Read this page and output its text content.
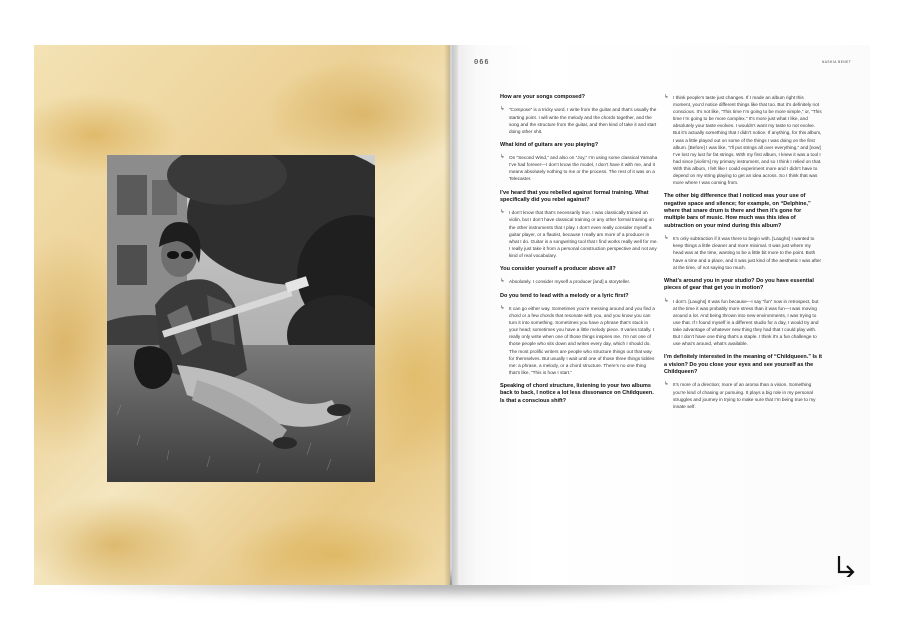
066	NASHIA BENET

How are your songs composed?

↳ “Compose” is a tricky word. I write from the guitar and that’s usually the starting point. I will write the melody and the chords together, and the song and the structure from the guitar, and then kind of take it and start doing other shit.

What kind of guitars are you playing?

↳ On “Second Wind,” and also on “Joy,” I’m using some classical Yamaha I’ve had forever—I don’t know the model, I don’t have it with me, and it means absolutely nothing to me or the process. The rest of it was on a Telecaster.

I’ve heard that you rebelled against formal training. What specifically did you rebel against?

↳ I don’t know that that’s necessarily true. I was classically trained on violin, but I don’t have classical training or any other formal training on the other instruments that I play. I don’t even really consider myself a guitar player, or a flautist, because I really am more of a producer in what I do. Guitar is a songwriting tool that I find works really well for me. I really just take it from a personal construction perspective and not any kind of real vocabulary.

You consider yourself a producer above all?

↳ Absolutely. I consider myself a producer [and] a storyteller.

Do you tend to lead with a melody or a lyric first?

↳ It can go either way. Sometimes you’re messing around and you find a chord or a few chords that resonate with you, and you know you can turn it into something. Sometimes you have a phrase that’s stuck in your head; sometimes you have a little melody piece. It varies totally. I really only write when one of those things inspires me. I’m not one of those people who sits down and writes every day, which I should do. The most prolific writers are people who structure things out that way for themselves. But usually I wait until one of those three things tickles me: a phrase, a melody, or a chord structure. There’s no one thing that’s like, “This is how I start.”

Speaking of chord structure, listening to your two albums back to back, I notice a lot less dissonance on Childqueen. Is that a conscious shift?

↳ I think people’s taste just changes. If I made an album right this moment, you’d notice different things like that too. But it’s definitely not conscious. It’s not like, “This time I’m going to be more simple,” or, “This time I’m going to be more complex.” It’s more just what I like, and absolutely your taste evolves. I wouldn’t want my taste to not evolve. But it’s actually something that I didn’t notice. If anything, for this album, I was a little played out on some of the things I was doing on the first album. [Before] I was like, “I’ll put strings all over everything,” and [now] I’ve lost my lust for fat strings. With my first album, I knew it was a tool I had since [violin’s] my primary instrument, and so I think I relied on that. With this album, I felt like I could experiment more and I didn’t have to depend on my string playing to get an idea across. So I think that was more where I was coming from.

The other big difference that I noticed was your use of negative space and silence; for example, on “Delphine,” where that snare drum is there and then it’s gone for multiple bars of music. How much was this idea of subtraction on your mind during this album?

↳ It’s only subtraction if it was there to begin with. [Laughs] I wanted to keep things a little cleaner and more minimal. It was just where my head was at the time, wanting to be a little bit more to the point. Both have a time and a place, and it was just kind of the aesthetic I was after at the time, of not saying too much.

What’s around you in your studio? Do you have essential pieces of gear that get you in motion?

↳ I don’t. [Laughs] It was fun because—I say “fun” now in retrospect, but at the time it was probably more stress than it was fun—I was moving around a lot. And being thrown into new environments, I was trying to use that. If I found myself in a different studio for a day, I would try and take advantage of whatever new thing they had that I could play with. But I don’t have one thing that’s a staple. I think it’s a fun challenge to use what’s around, what’s available.

I’m definitely interested in the meaning of “Childqueen.” Is it a vision? Do you close your eyes and see yourself as the Childqueen?

↳ It’s more of a direction; more of an aroma than a vision. Something you’re kind of chasing or pursuing. It plays a big role in my personal struggles and journey in trying to make sure that I’m being true to my innate self.
